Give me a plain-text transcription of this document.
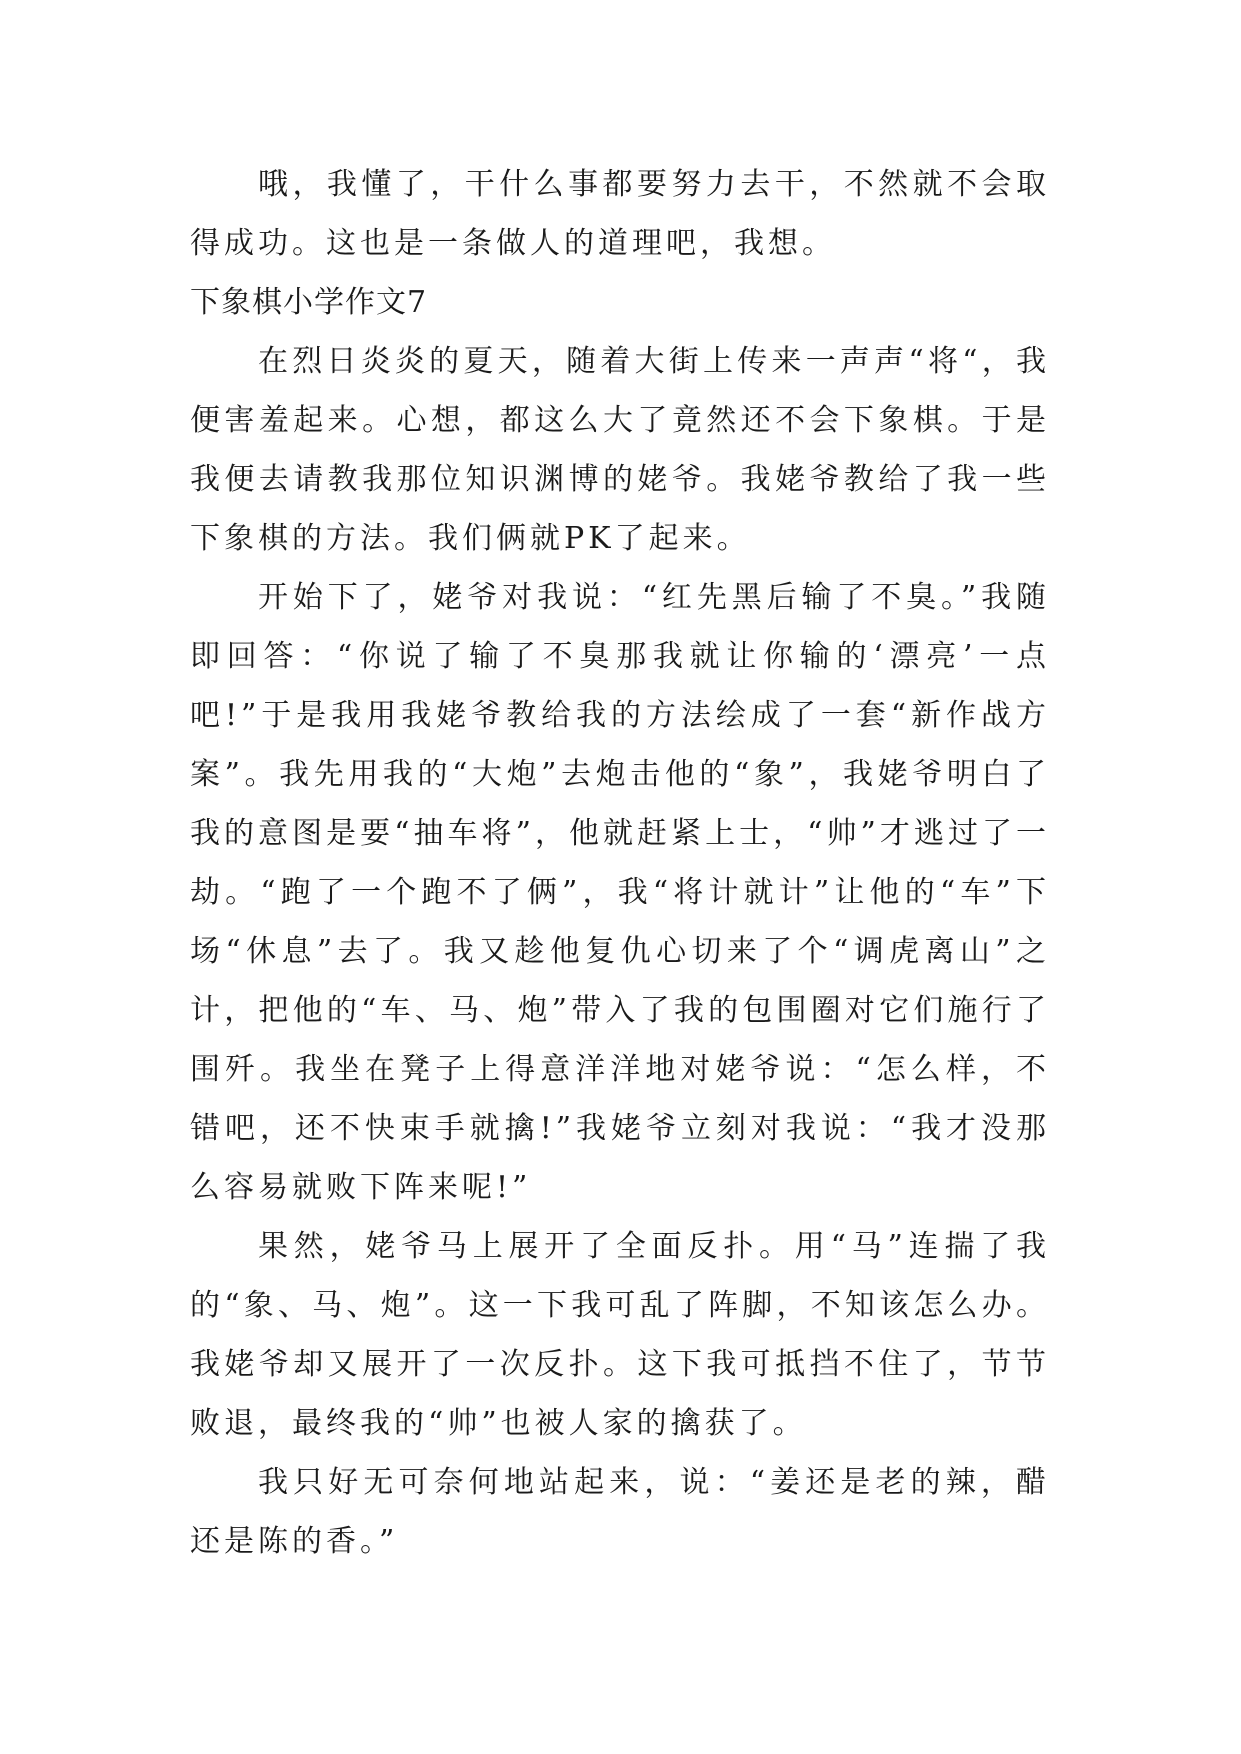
哦，我懂了，干什么事都要努力去干，不然就不会取得成功。这也是一条做人的道理吧，我想。

下象棋小学作文7

在烈日炎炎的夏天，随着大街上传来一声声“将“，我便害羞起来。心想，都这么大了竟然还不会下象棋。于是我便去请教我那位知识渊博的姥爷。我姥爷教给了我一些下象棋的方法。我们俩就PK了起来。

开始下了，姥爷对我说：“红先黑后输了不臭。”我随即回答：“你说了输了不臭那我就让你输的‘漂亮’一点吧!”于是我用我姥爷教给我的方法绘成了一套“新作战方案”。我先用我的“大炮”去炮击他的“象”，我姥爷明白了我的意图是要“抽车将”，他就赶紧上士，“帅”才逃过了一劫。“跑了一个跑不了俩”，我“将计就计”让他的“车”下场“休息”去了。我又趁他复仇心切来了个“调虎离山”之计，把他的“车、马、炮”带入了我的包围圈对它们施行了围歼。我坐在凳子上得意洋洋地对姥爷说：“怎么样，不错吧，还不快束手就擒!”我姥爷立刻对我说：“我才没那么容易就败下阵来呢!”

果然，姥爷马上展开了全面反扑。用“马”连揣了我的“象、马、炮”。这一下我可乱了阵脚，不知该怎么办。我姥爷却又展开了一次反扑。这下我可抵挡不住了，节节败退，最终我的“帅”也被人家的擒获了。

我只好无可奈何地站起来，说：“姜还是老的辣，醋还是陈的香。”
